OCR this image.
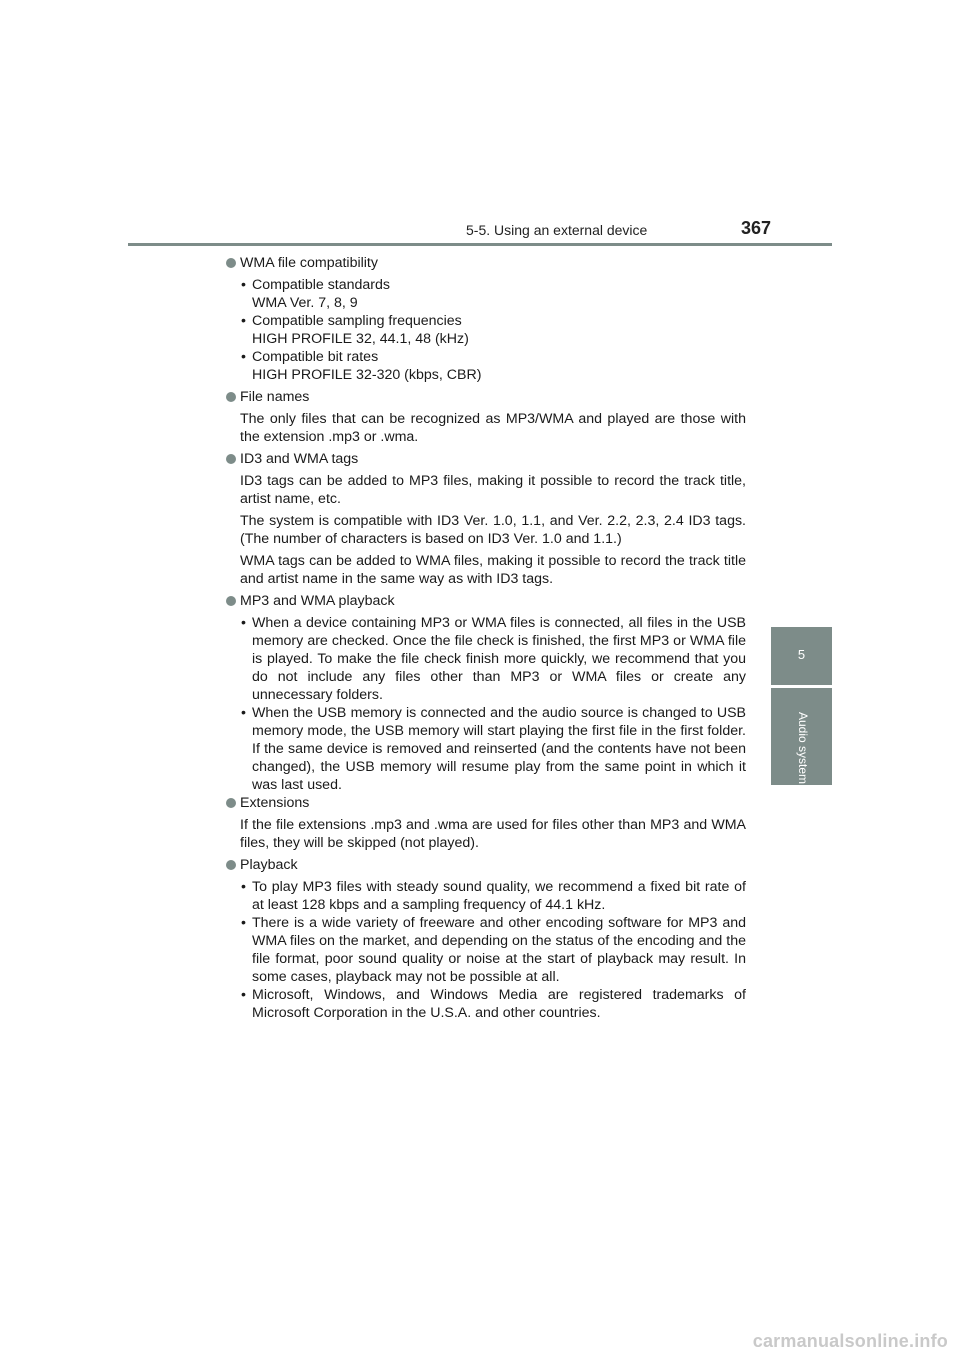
5-5. Using an external device	367
5
Audio system
WMA file compatibility
• Compatible standards
WMA Ver. 7, 8, 9
• Compatible sampling frequencies
HIGH PROFILE 32, 44.1, 48 (kHz)
• Compatible bit rates
HIGH PROFILE 32-320 (kbps, CBR)
File names

The only files that can be recognized as MP3/WMA and played are those with the extension .mp3 or .wma.

ID3 and WMA tags

ID3 tags can be added to MP3 files, making it possible to record the track title, artist name, etc.

The system is compatible with ID3 Ver. 1.0, 1.1, and Ver. 2.2, 2.3, 2.4 ID3 tags. (The number of characters is based on ID3 Ver. 1.0 and 1.1.)

WMA tags can be added to WMA files, making it possible to record the track title and artist name in the same way as with ID3 tags.

MP3 and WMA playback
• When a device containing MP3 or WMA files is connected, all files in the USB memory are checked. Once the file check is finished, the first MP3 or WMA file is played. To make the file check finish more quickly, we recommend that you do not include any files other than MP3 or WMA files or create any unnecessary folders.
• When the USB memory is connected and the audio source is changed to USB memory mode, the USB memory will start playing the first file in the first folder. If the same device is removed and reinserted (and the contents have not been changed), the USB memory will resume play from the same point in which it was last used.
Extensions

If the file extensions .mp3 and .wma are used for files other than MP3 and WMA files, they will be skipped (not played).

Playback
• To play MP3 files with steady sound quality, we recommend a fixed bit rate of at least 128 kbps and a sampling frequency of 44.1 kHz.
• There is a wide variety of freeware and other encoding software for MP3 and WMA files on the market, and depending on the status of the encoding and the file format, poor sound quality or noise at the start of playback may result. In some cases, playback may not be possible at all.
• Microsoft, Windows, and Windows Media are registered trademarks of Microsoft Corporation in the U.S.A. and other countries.
carmanualsonline.info
